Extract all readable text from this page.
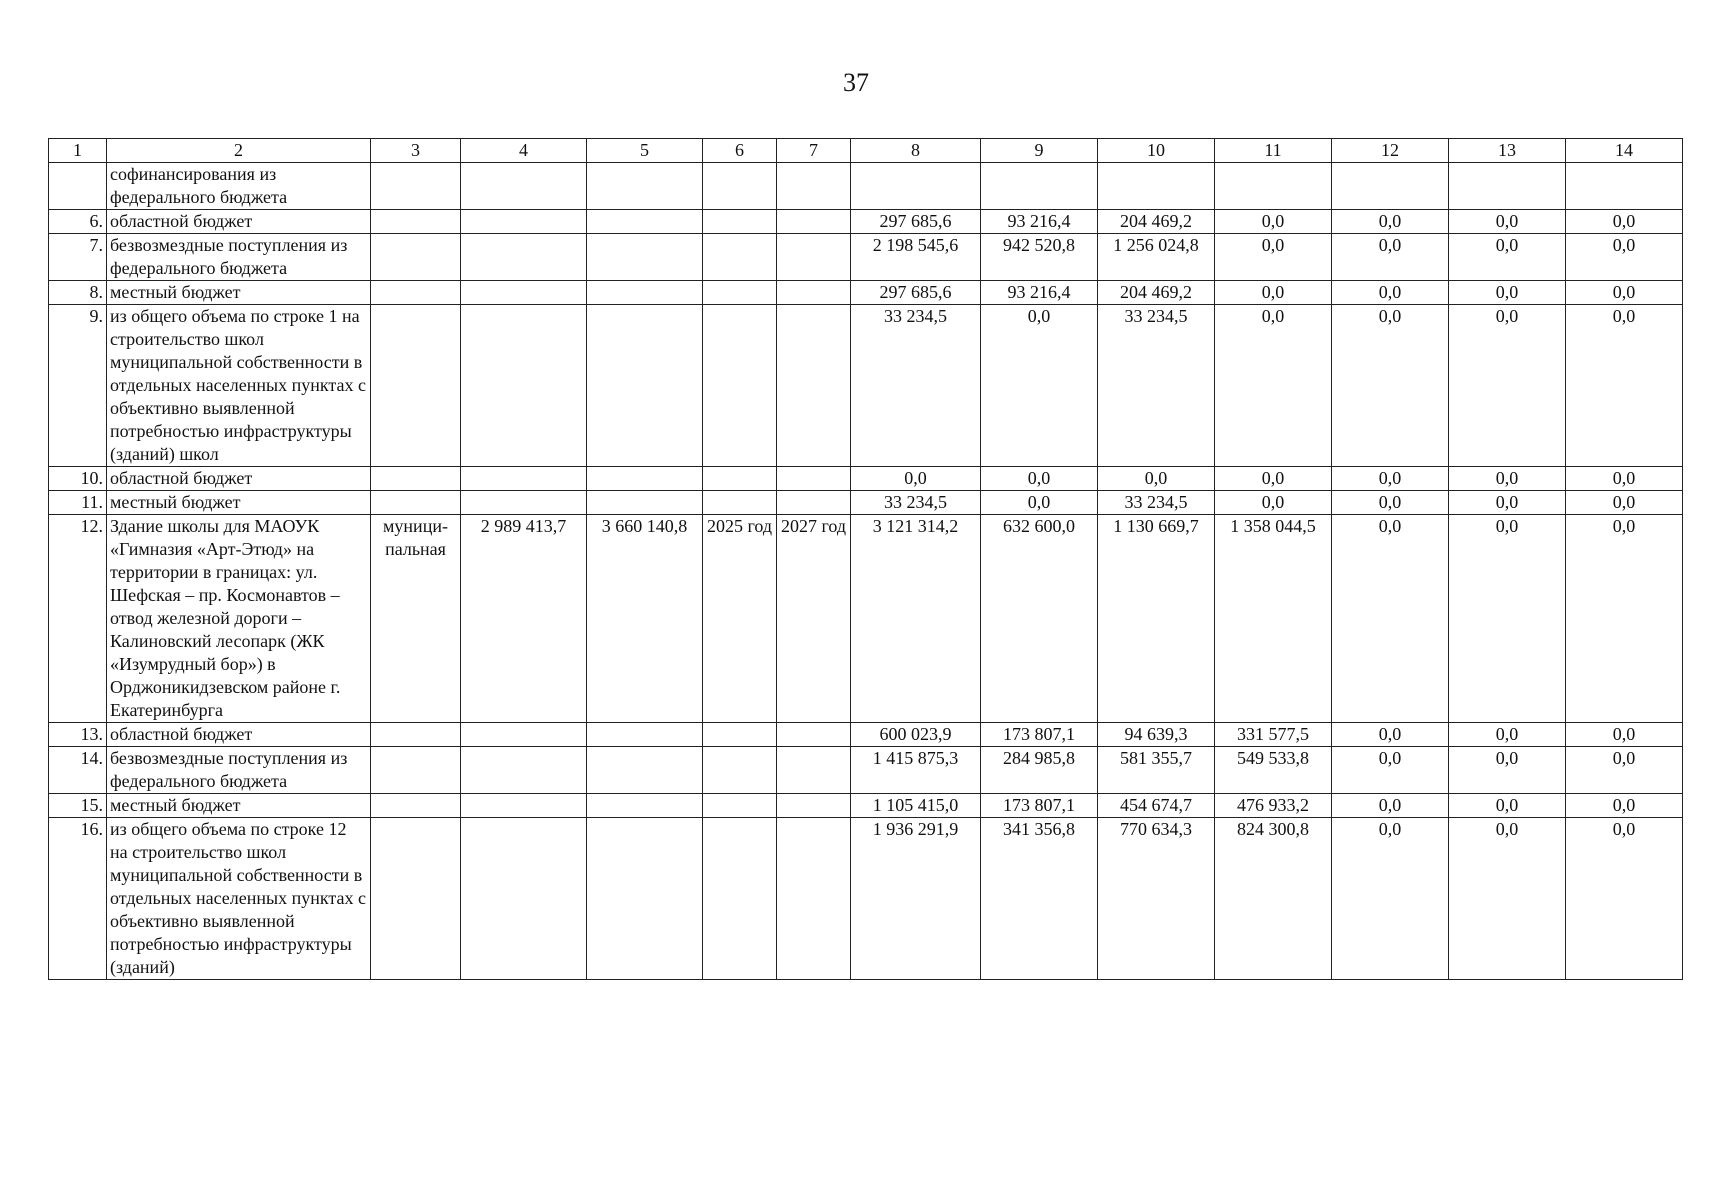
37
1	2	3	4	5	6	7	8	9	10	11	12	13	14
	софинансирования из федерального бюджета												
6.	областной бюджет						297 685,6	93 216,4	204 469,2	0,0	0,0	0,0	0,0
7.	безвозмездные поступления из федерального бюджета						2 198 545,6	942 520,8	1 256 024,8	0,0	0,0	0,0	0,0
8.	местный бюджет						297 685,6	93 216,4	204 469,2	0,0	0,0	0,0	0,0
9.	из общего объема по строке 1 на строительство школ муниципальной собственности в отдельных населенных пунктах с объективно выявленной потребностью инфраструктуры (зданий) школ						33 234,5	0,0	33 234,5	0,0	0,0	0,0	0,0
10.	областной бюджет						0,0	0,0	0,0	0,0	0,0	0,0	0,0
11.	местный бюджет						33 234,5	0,0	33 234,5	0,0	0,0	0,0	0,0
12.	Здание школы для МАОУК «Гимназия «Арт-Этюд» на территории в границах: ул. Шефская – пр. Космонавтов – отвод железной дороги – Калиновский лесопарк (ЖК «Изумрудный бор») в Орджоникидзевском районе г. Екатеринбурга	муници-пальная	2 989 413,7	3 660 140,8	2025 год	2027 год	3 121 314,2	632 600,0	1 130 669,7	1 358 044,5	0,0	0,0	0,0
13.	областной бюджет						600 023,9	173 807,1	94 639,3	331 577,5	0,0	0,0	0,0
14.	безвозмездные поступления из федерального бюджета						1 415 875,3	284 985,8	581 355,7	549 533,8	0,0	0,0	0,0
15.	местный бюджет						1 105 415,0	173 807,1	454 674,7	476 933,2	0,0	0,0	0,0
16.	из общего объема по строке 12 на строительство школ муниципальной собственности в отдельных населенных пунктах с объективно выявленной потребностью инфраструктуры (зданий)						1 936 291,9	341 356,8	770 634,3	824 300,8	0,0	0,0	0,0
